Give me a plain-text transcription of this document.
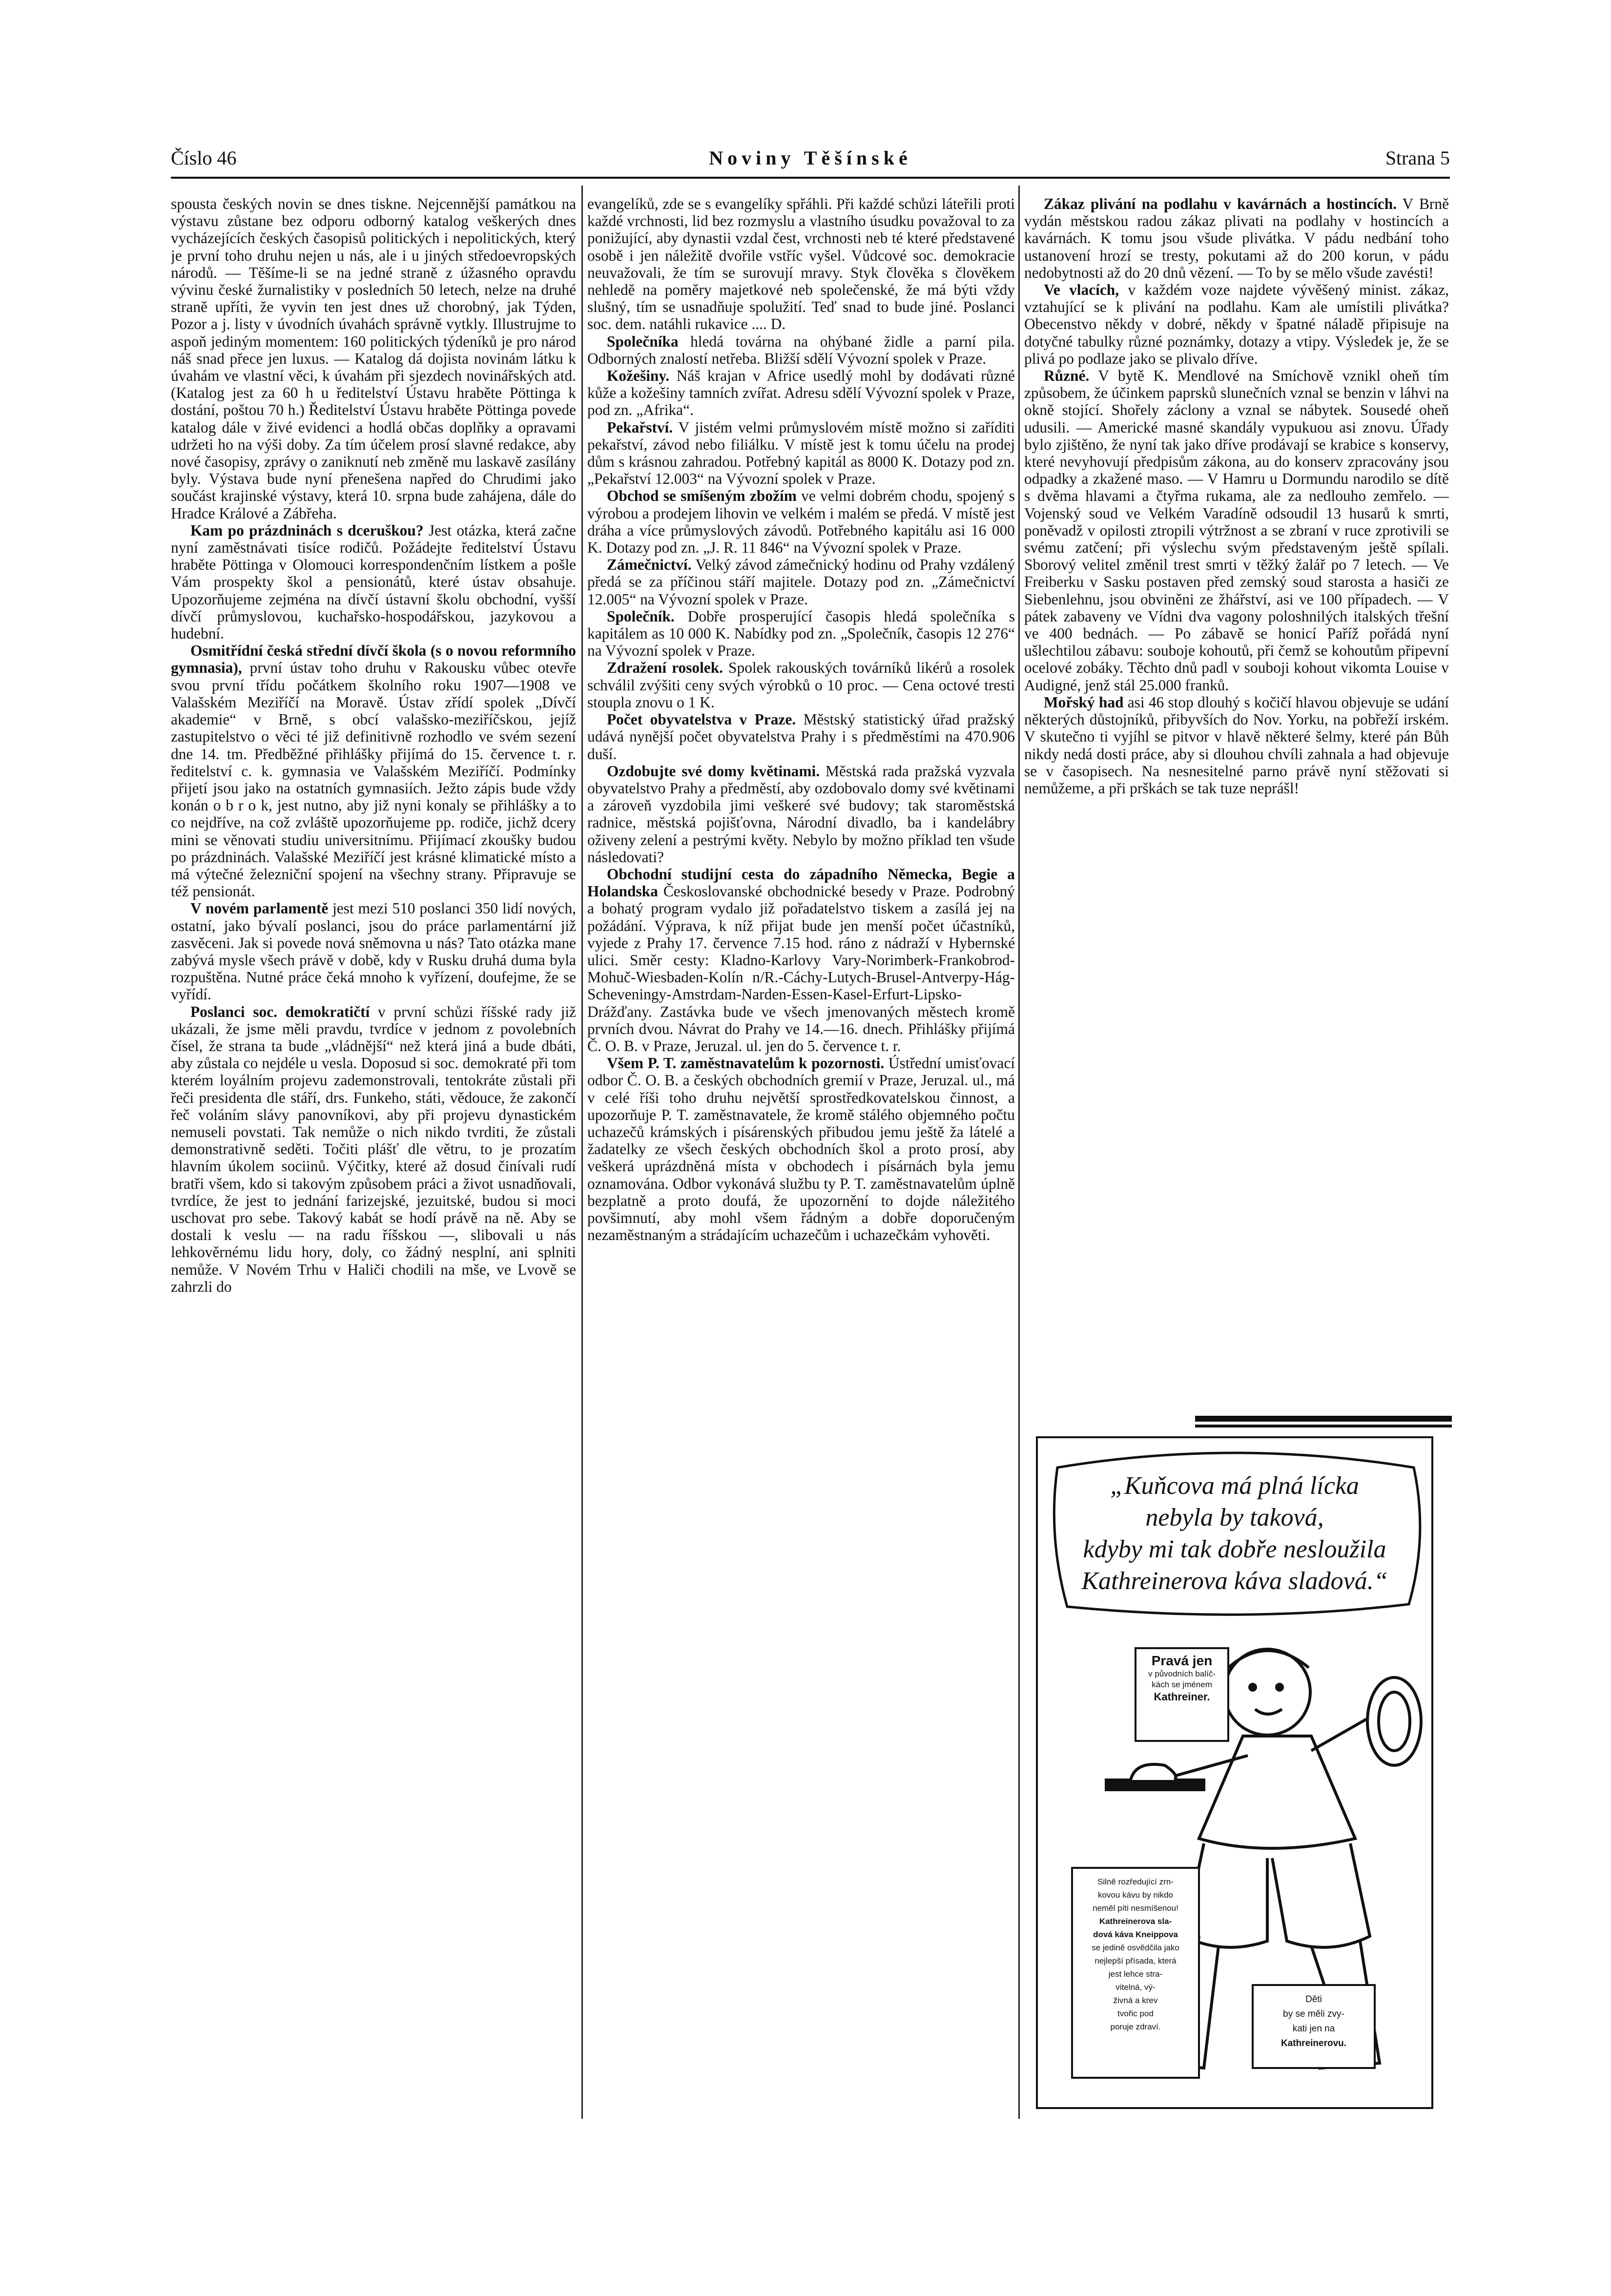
Číslo 46	Noviny Těšínské	Strana 5

spousta českých novin se dnes tiskne. Nejcennější památkou na výstavu zůstane bez odporu odborný katalog veškerých dnes vycházejících českých časopisů politických i nepolitických, který je první toho druhu nejen u nás, ale i u jiných středoevropských národů. — Těšíme-li se na jedné straně z úžasného opravdu vývinu české žurnalistiky v posledních 50 letech, nelze na druhé straně upříti, že vyvin ten jest dnes už chorobný, jak Týden, Pozor a j. listy v úvodních úvahách správně vytkly. Illustrujme to aspoň jediným momentem: 160 politických týdeníků je pro národ náš snad přece jen luxus. — Katalog dá dojista novinám látku k úvahám ve vlastní věci, k úvahám při sjezdech novinářských atd. (Katalog jest za 60 h u ředitelství Ústavu hraběte Pöttinga k dostání, poštou 70 h.) Ředitelství Ústavu hraběte Pöttinga povede katalog dále v živé evidenci a hodlá občas doplňky a opravami udržeti ho na výši doby. Za tím účelem prosí slavné redakce, aby nové časopisy, zprávy o zaniknutí neb změně mu laskavě zasílány byly. Výstava bude nyní přenešena napřed do Chrudimi jako součást krajinské výstavy, která 10. srpna bude zahájena, dále do Hradce Králové a Zábřeha.

Kam po prázdninách s dceruškou? Jest otázka, která začne nyní zaměstnávati tisíce rodičů. Požádejte ředitelství Ústavu hraběte Pöttinga v Olomouci korrespondenčním lístkem a pošle Vám prospekty škol a pensionátů, které ústav obsahuje. Upozorňujeme zejména na dívčí ústavní školu obchodní, vyšší dívčí průmyslovou, kuchařsko-hospodářskou, jazykovou a hudební.

Osmitřídní česká střední dívčí škola (s o novou reformního gymnasia), první ústav toho druhu v Rakousku vůbec otevře svou první třídu počátkem školního roku 1907—1908 ve Valašském Meziříčí na Moravě. Ústav zřídí spolek „Dívčí akademie“ v Brně, s obcí valašsko-meziříčskou, jejíž zastupitelstvo o věci té již definitivně rozhodlo ve svém sezení dne 14. tm. Předběžné přihlášky přijímá do 15. července t. r. ředitelství c. k. gymnasia ve Valašském Meziříčí. Podmínky přijetí jsou jako na ostatních gymnasiích. Ježto zápis bude vždy konán o b r o k, jest nutno, aby již nyni konaly se přihlášky a to co nejdříve, na což zvláště upozorňujeme pp. rodiče, jichž dcery mini se věnovati studiu universitnímu. Přijímací zkoušky budou po prázdninách. Valašské Meziříčí jest krásné klimatické místo a má výtečné železniční spojení na všechny strany. Připravuje se též pensionát.

V novém parlamentě jest mezi 510 poslanci 350 lidí nových, ostatní, jako bývalí poslanci, jsou do práce parlamentární již zasvěceni. Jak si povede nová sněmovna u nás? Tato otázka mane zabývá mysle všech právě v době, kdy v Rusku druhá duma byla rozpuštěna. Nutné práce čeká mnoho k vyřízení, doufejme, že se vyřídí.

Poslanci soc. demokratičtí v první schůzi říšské rady již ukázali, že jsme měli pravdu, tvrdíce v jednom z povolebních čísel, že strana ta bude „vládnější“ než která jiná a bude dbáti, aby zůstala co nejdéle u vesla. Doposud si soc. demokraté při tom kterém loyálním projevu zademonstrovali, tentokráte zůstali při řeči presidenta dle stáří, drs. Funkeho, státi, vědouce, že zakončí řeč voláním slávy panovníkovi, aby při projevu dynastickém nemuseli povstati. Tak nemůže o nich nikdo tvrditi, že zůstali demonstrativně seděti. Točiti plášť dle větru, to je prozatím hlavním úkolem sociinů. Výčitky, které až dosud činívali rudí bratři všem, kdo si takovým způsobem práci a život usnadňovali, tvrdíce, že jest to jednání farizejské, jezuitské, budou si moci uschovat pro sebe. Takový kabát se hodí právě na ně. Aby se dostali k veslu — na radu říšskou —, slibovali u nás lehkověrnému lidu hory, doly, co žádný nesplní, ani splniti nemůže. V Novém Trhu v Haliči chodili na mše, ve Lvově se zahrzli do

evangelíků, zde se s evangelíky spřáhli. Při každé schůzi láteřili proti každé vrchnosti, lid bez rozmyslu a vlastního úsudku považoval to za ponižující, aby dynastii vzdal čest, vrchnosti neb té které představené osobě i jen náležitě dvořile vstříc vyšel. Vůdcové soc. demokracie neuvažovali, že tím se surovují mravy. Styk člověka s člověkem nehledě na poměry majetkové neb společenské, že má býti vždy slušný, tím se usnadňuje spolužití. Teď snad to bude jiné. Poslanci soc. dem. natáhli rukavice .... D.

Společníka hledá továrna na ohýbané židle a parní pila. Odborných znalostí netřeba. Bližší sdělí Vývozní spolek v Praze.

Kožešiny. Náš krajan v Africe usedlý mohl by dodávati různé kůže a kožešiny tamních zvířat. Adresu sdělí Vývozní spolek v Praze, pod zn. „Afrika“.

Pekařství. V jistém velmi průmyslovém místě možno si zaříditi pekařství, závod nebo filiálku. V místě jest k tomu účelu na prodej dům s krásnou zahradou. Potřebný kapitál as 8000 K. Dotazy pod zn. „Pekařství 12.003“ na Vývozní spolek v Praze.

Obchod se smíšeným zbožím ve velmi dobrém chodu, spojený s výrobou a prodejem lihovin ve velkém i malém se předá. V místě jest dráha a více průmyslových závodů. Potřebného kapitálu asi 16 000 K. Dotazy pod zn. „J. R. 11 846“ na Vývozní spolek v Praze.

Zámečnictví. Velký závod zámečnický hodinu od Prahy vzdálený předá se za příčinou stáří majitele. Dotazy pod zn. „Zámečnictví 12.005“ na Vývozní spolek v Praze.

Společník. Dobře prosperující časopis hledá společníka s kapitálem as 10 000 K. Nabídky pod zn. „Společník, časopis 12 276“ na Vývozní spolek v Praze.

Zdražení rosolek. Spolek rakouských továrníků likérů a rosolek schválil zvýšiti ceny svých výrobků o 10 proc. — Cena octové tresti stoupla znovu o 1 K.

Počet obyvatelstva v Praze. Městský statistický úřad pražský udává nynější počet obyvatelstva Prahy i s předměstími na 470.906 duší.

Ozdobujte své domy květinami. Městská rada pražská vyzvala obyvatelstvo Prahy a předměstí, aby ozdobovalo domy své květinami a zároveň vyzdobila jimi veškeré své budovy; tak staroměstská radnice, městská pojišťovna, Národní divadlo, ba i kandelábry oživeny zelení a pestrými květy. Nebylo by možno příklad ten všude následovati?

Obchodní studijní cesta do západního Německa, Begie a Holandska Českoslovanské obchodnické besedy v Praze. Podrobný a bohatý program vydalo již pořadatelstvo tiskem a zasílá jej na požádání. Výprava, k níž přijat bude jen menší počet účastníků, vyjede z Prahy 17. července 7.15 hod. ráno z nádraží v Hybernské ulici. Směr cesty: Kladno-Karlovy Vary-Norimberk-Frankobrod-Mohuč-Wiesbaden-Kolín n/R.-Cáchy-Lutych-Brusel-Antverpy-Hág-Scheveningy-Amstrdam-Narden-Essen-Kasel-Erfurt-Lipsko-Drážďany. Zastávka bude ve všech jmenovaných městech kromě prvních dvou. Návrat do Prahy ve 14.—16. dnech. Přihlášky přijímá Č. O. B. v Praze, Jeruzal. ul. jen do 5. července t. r.

Všem P. T. zaměstnavatelům k pozornosti. Ústřední umisťovací odbor Č. O. B. a českých obchodních gremií v Praze, Jeruzal. ul., má v celé říši toho druhu největší sprostředkovatelskou činnost, a upozorňuje P. T. zaměstnavatele, že kromě stálého objemného počtu uchazečů krámských i písárenských přibudou jemu ještě ža látelé a žadatelky ze všech českých obchodních škol a proto prosí, aby veškerá uprázdněná místa v obchodech i písárnách byla jemu oznamována. Odbor vykonává službu ty P. T. zaměstnavatelům úplně bezplatně a proto doufá, že upozornění to dojde náležitého povšimnutí, aby mohl všem řádným a dobře doporučeným nezaměstnaným a strádajícím uchazečům i uchazečkám vyhověti.

Zákaz plivání na podlahu v kavárnách a hostincích. V Brně vydán městskou radou zákaz plivati na podlahy v hostincích a kavárnách. K tomu jsou všude plivátka. V pádu nedbání toho ustanovení hrozí se tresty, pokutami až do 200 korun, v pádu nedobytnosti až do 20 dnů vězení. — To by se mělo všude zavésti!

Ve vlacích, v každém voze najdete vývěšený minist. zákaz, vztahující se k plivání na podlahu. Kam ale umístili plivátka? Obecenstvo někdy v dobré, někdy v špatné náladě připisuje na dotyčné tabulky různé poznámky, dotazy a vtipy. Výsledek je, že se plivá po podlaze jako se plivalo dříve.

Různé. V bytě K. Mendlové na Smíchově vznikl oheň tím způsobem, že účinkem paprsků slunečních vznal se benzin v láhvi na okně stojící. Shořely záclony a vznal se nábytek. Sousedé oheň udusili. — Americké masné skandály vypukuou asi znovu. Úřady bylo zjištěno, že nyní tak jako dříve prodávají se krabice s konservy, které nevyhovují předpisům zákona, au do konserv zpracovány jsou odpadky a zkažené maso. — V Hamru u Dormundu narodilo se dítě s dvěma hlavami a čtyřma rukama, ale za nedlouho zemřelo. — Vojenský soud ve Velkém Varadíně odsoudil 13 husarů k smrti, poněvadž v opilosti ztropili výtržnost a se zbraní v ruce zprotivili se svému zatčení; při výslechu svým představeným ještě spílali. Sborový velitel změnil trest smrti v těžký žalář po 7 letech. — Ve Freiberku v Sasku postaven před zemský soud starosta a hasiči ze Siebenlehnu, jsou obviněni ze žhářství, asi ve 100 případech. — V pátek zabaveny ve Vídni dva vagony poloshnilých italských třešní ve 400 bednách. — Po zábavě se honicí Paříž pořádá nyní ušlechtilou zábavu: souboje kohoutů, při čemž se kohoutům připevní ocelové zobáky. Těchto dnů padl v souboji kohout vikomta Louise v Audigné, jenž stál 25.000 franků.

Mořský had asi 46 stop dlouhý s kočičí hlavou objevuje se udání některých důstojníků, přibyvších do Nov. Yorku, na pobřeží irském. V skutečno ti vyjíhl se pitvor v hlavě některé šelmy, které pán Bůh nikdy nedá dosti práce, aby si dlouhou chvíli zahnala a had objevuje se v časopisech. Na nesnesitelné parno právě nyní stěžovati si nemůžeme, a při prškách se tak tuze neprášl!

„Kuňcova má plná lícka
nebyla by taková,
kdyby mi tak dobře nesloužila
Kathreinerova káva sladová.“
Pravá jen
v původních balíč-
kách se jménem
Kathreiner.
Silně rozředující zrn-
kovou kávu by nikdo
neměl píti nesmíšenou!
Kathreinerova sla-
dová káva Kneippova
se jedině osvědčila jako
nejlepší přísada, která
jest lehce stra-
vitelná, vý-
živná a krev
tvořic pod
poruje zdraví.
Děti
by se měli zvy-
kati jen na
Kathreinerovu.
